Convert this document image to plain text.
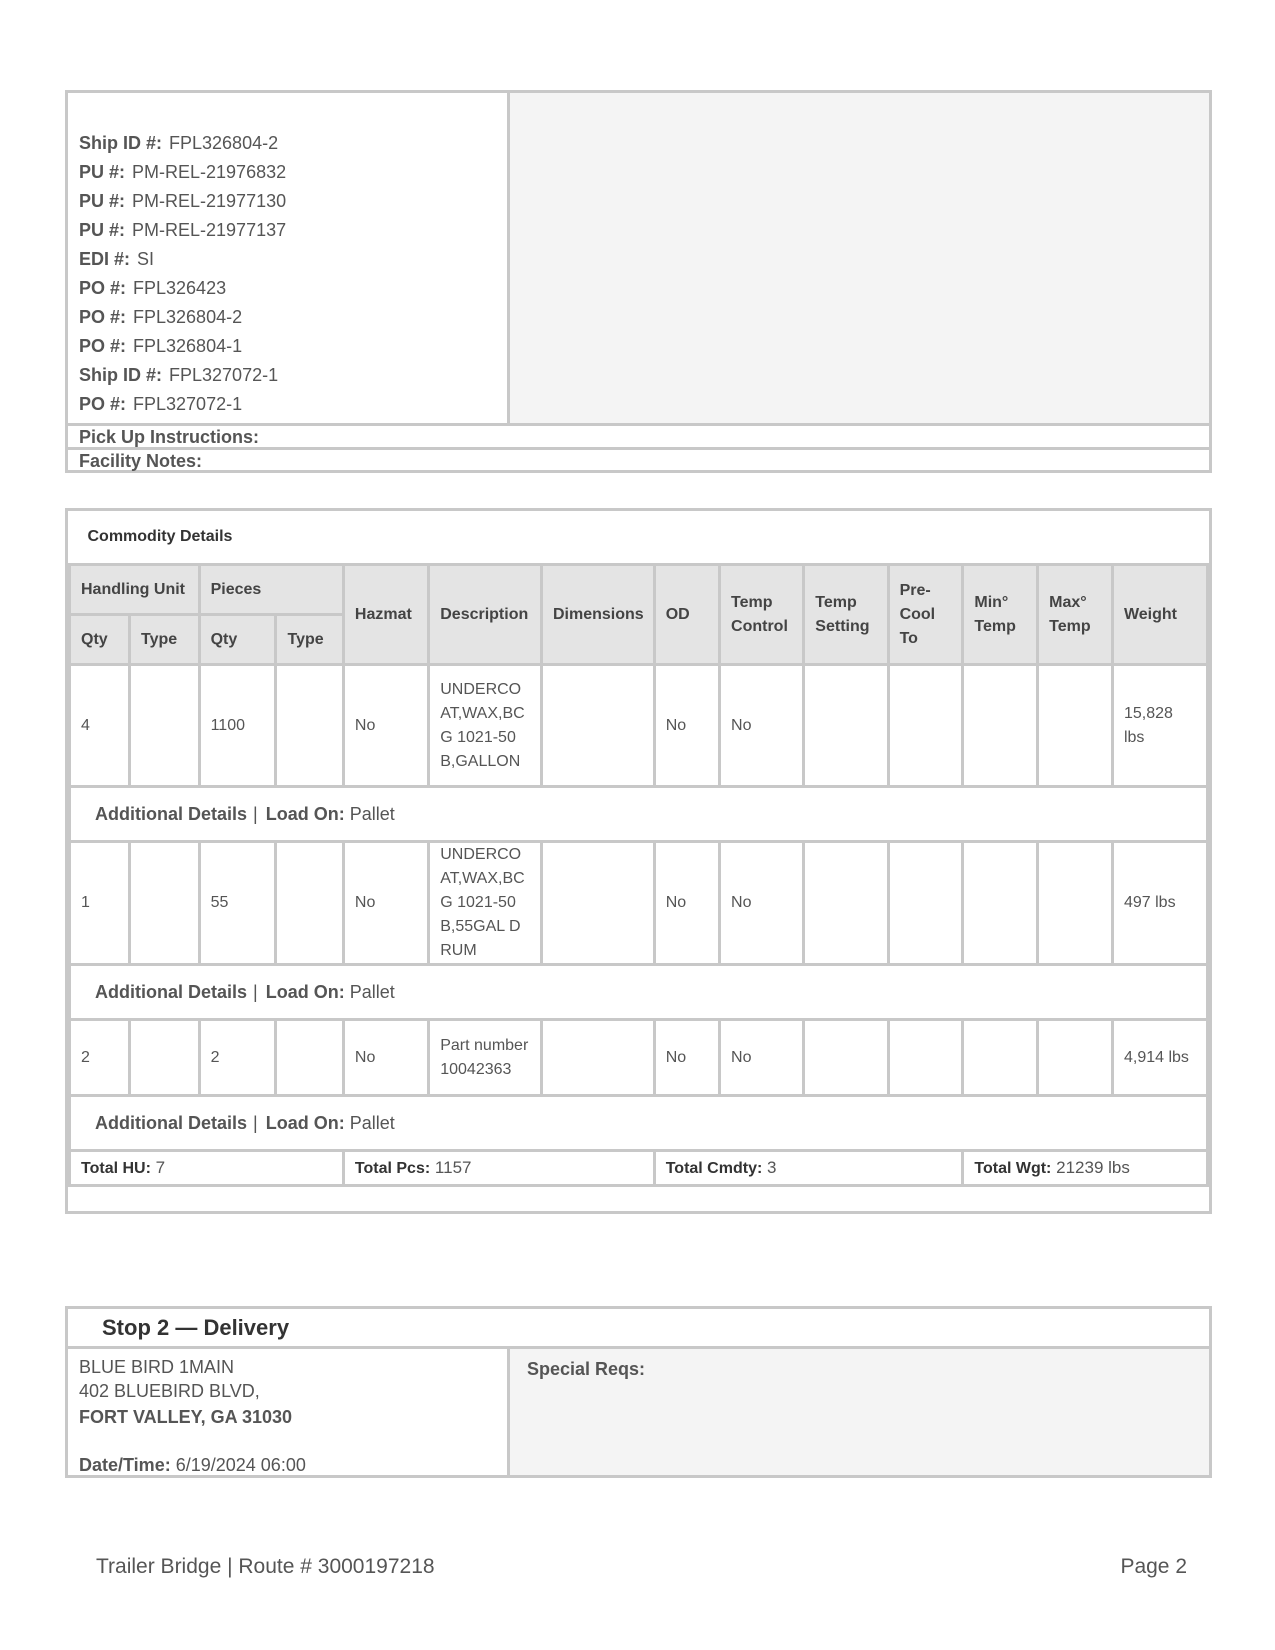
Ship ID #: FPL326804-2
PU #: PM-REL-21976832
PU #: PM-REL-21977130
PU #: PM-REL-21977137
EDI #: SI
PO #: FPL326423
PO #: FPL326804-2
PO #: FPL326804-1
Ship ID #: FPL327072-1
PO #: FPL327072-1
Pick Up Instructions:
Facility Notes:
Commodity Details													
Handling Unit		Pieces		Hazmat	Description	Dimensions	OD	Temp Control	Temp Setting	Pre-Cool To	Min° Temp	Max° Temp	Weight
Qty	Type	Qty	Type										
4		1100		No	UNDERCOAT,WAX,BCG 1021-50B,GALLON		No	No					15,828 lbs
Additional Details | Load On: Pallet													
1		55		No	UNDERCOAT,WAX,BCG 1021-50B,55GAL DRUM		No	No					497 lbs
Additional Details | Load On: Pallet													
2		2		No	Part number 10042363		No	No					4,914 lbs
Additional Details | Load On: Pallet													
Total HU: 7				Total Pcs: 1157			Total Cmdty: 3				Total Wgt: 21239 lbs		
Stop 2 — Delivery
BLUE BIRD 1MAIN
402 BLUEBIRD BLVD,
FORT VALLEY, GA 31030
Date/Time: 6/19/2024 06:00
Special Reqs:
Trailer Bridge | Route # 3000197218	Page 2
